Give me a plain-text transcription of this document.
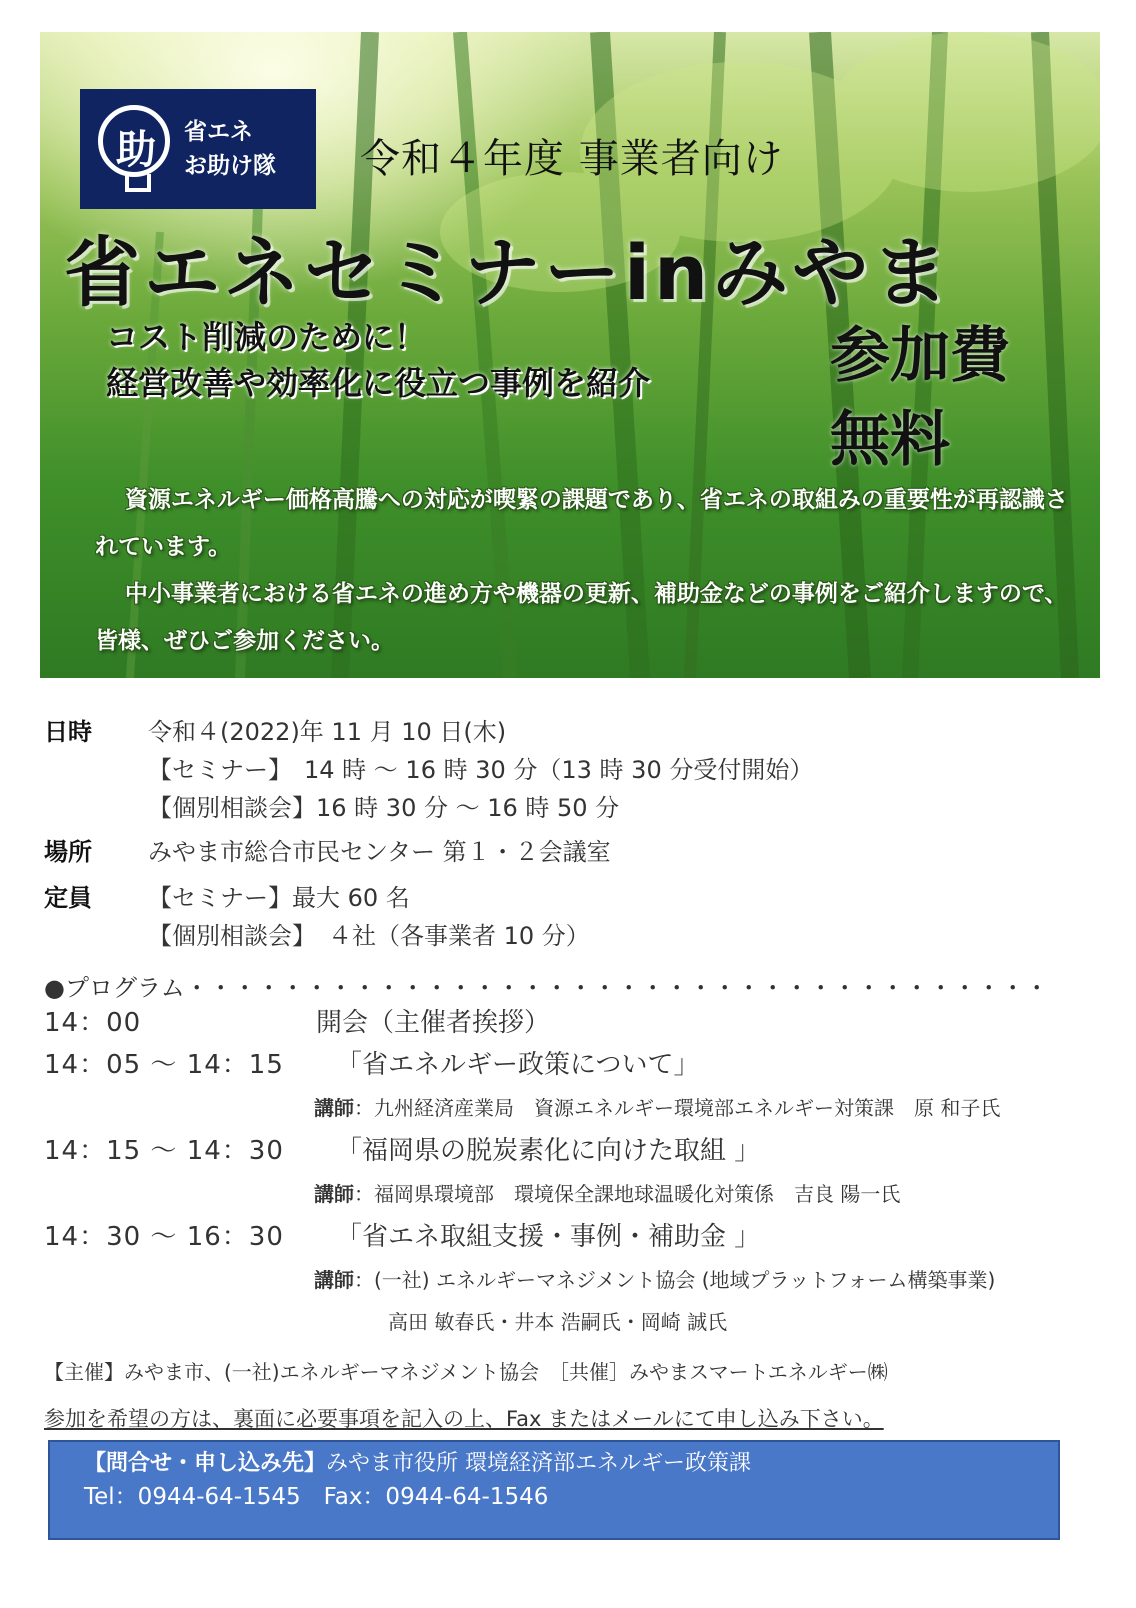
助 省エネ
お助け隊 令和４年度 事業者向け
省エネセミナーinみやま
コスト削減のために！
経営改善や効率化に役立つ事例を紹介	参加費
無料

資源エネルギー価格高騰への対応が喫緊の課題であり、省エネの取組みの重要性が再認識されています。

中小事業者における省エネの進め方や機器の更新、補助金などの事例をご紹介しますので、皆様、ぜひご参加ください。

日時 令和４(2022)年 11 月 10 日(木)
【セミナー】　14 時 ～ 16 時 30 分（13 時 30 分受付開始）
【個別相談会】16 時 30 分 ～ 16 時 50 分
場所 みやま市総合市民センター 第１・２会議室
定員 【セミナー】最大 60 名
【個別相談会】　４社（各事業者 10 分）
●プログラム・・・・・・・・・・・・・・・・・・・・・・・・・・・・・・・・・・・・
14：00	開会（主催者挨拶）
14：05 ～ 14：15 「省エネルギー政策について」
講師：九州経済産業局　資源エネルギー環境部エネルギー対策課　原 和子氏
14：15 ～ 14：30 「福岡県の脱炭素化に向けた取組 」
講師：福岡県環境部　環境保全課地球温暖化対策係　吉良 陽一氏
14：30 ～ 16：30 「省エネ取組支援・事例・補助金 」
講師：(一社) エネルギーマネジメント協会 (地域プラットフォーム構築事業)
高田 敏春氏・井本 浩嗣氏・岡崎 誠氏
【主催】みやま市、(一社)エネルギーマネジメント協会　［共催］みやまスマートエネルギー㈱
参加を希望の方は、裏面に必要事項を記入の上、Fax またはメールにて申し込み下さい。
【問合せ・申し込み先】みやま市役所 環境経済部エネルギー政策課
Tel：0944-64-1545　Fax：0944-64-1546
